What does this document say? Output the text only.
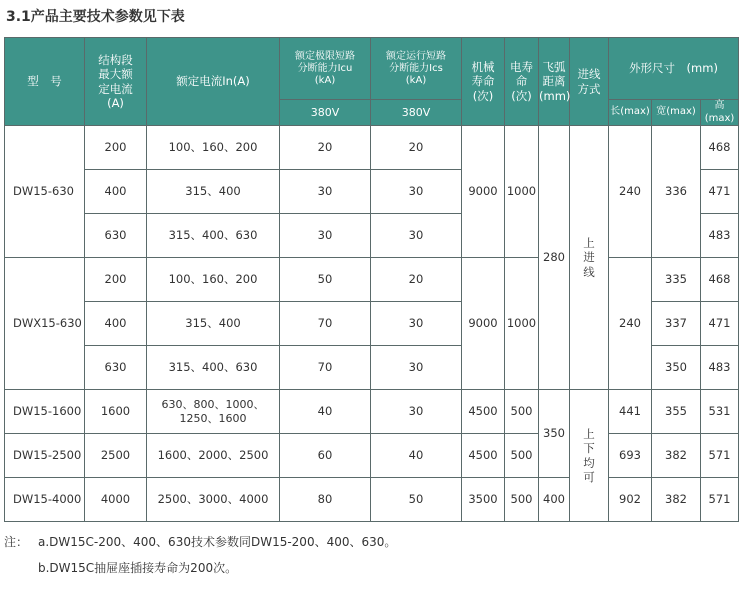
3.1产品主要技术参数见下表
型　号	结构段
最大额
定电流
(A)	额定电流In(A)	额定极限短路
分断能力Icu
(kA)	额定运行短路
分断能力Ics
(kA)	机械
寿命
(次)	电寿
命
(次)	飞弧
距离
(mm)	进线
方式	外形尺寸　(mm)		
			380V	380V					长(max)	宽(max)	高(max)
DW15-630	200	100、160、200	20	20	9000	1000	280	上
进
线	240	336	468
	400	315、400	30	30							471
	630	315、400、630	30	30							483
DWX15-630	200	100、160、200	50	20	9000	1000			240	335	468
	400	315、400	70	30						337	471
	630	315、400、630	70	30						350	483
DW15-1600	1600	630、800、1000、
1250、1600	40	30	4500	500	350	上
下
均
可	441	355	531
DW15-2500	2500	1600、2000、2500	60	40	4500	500			693	382	571
DW15-4000	4000	2500、3000、4000	80	50	3500	500	400		902	382	571
注： a.DW15C-200、400、630技术参数同DW15-200、400、630。
b.DW15C抽屉座插接寿命为200次。
